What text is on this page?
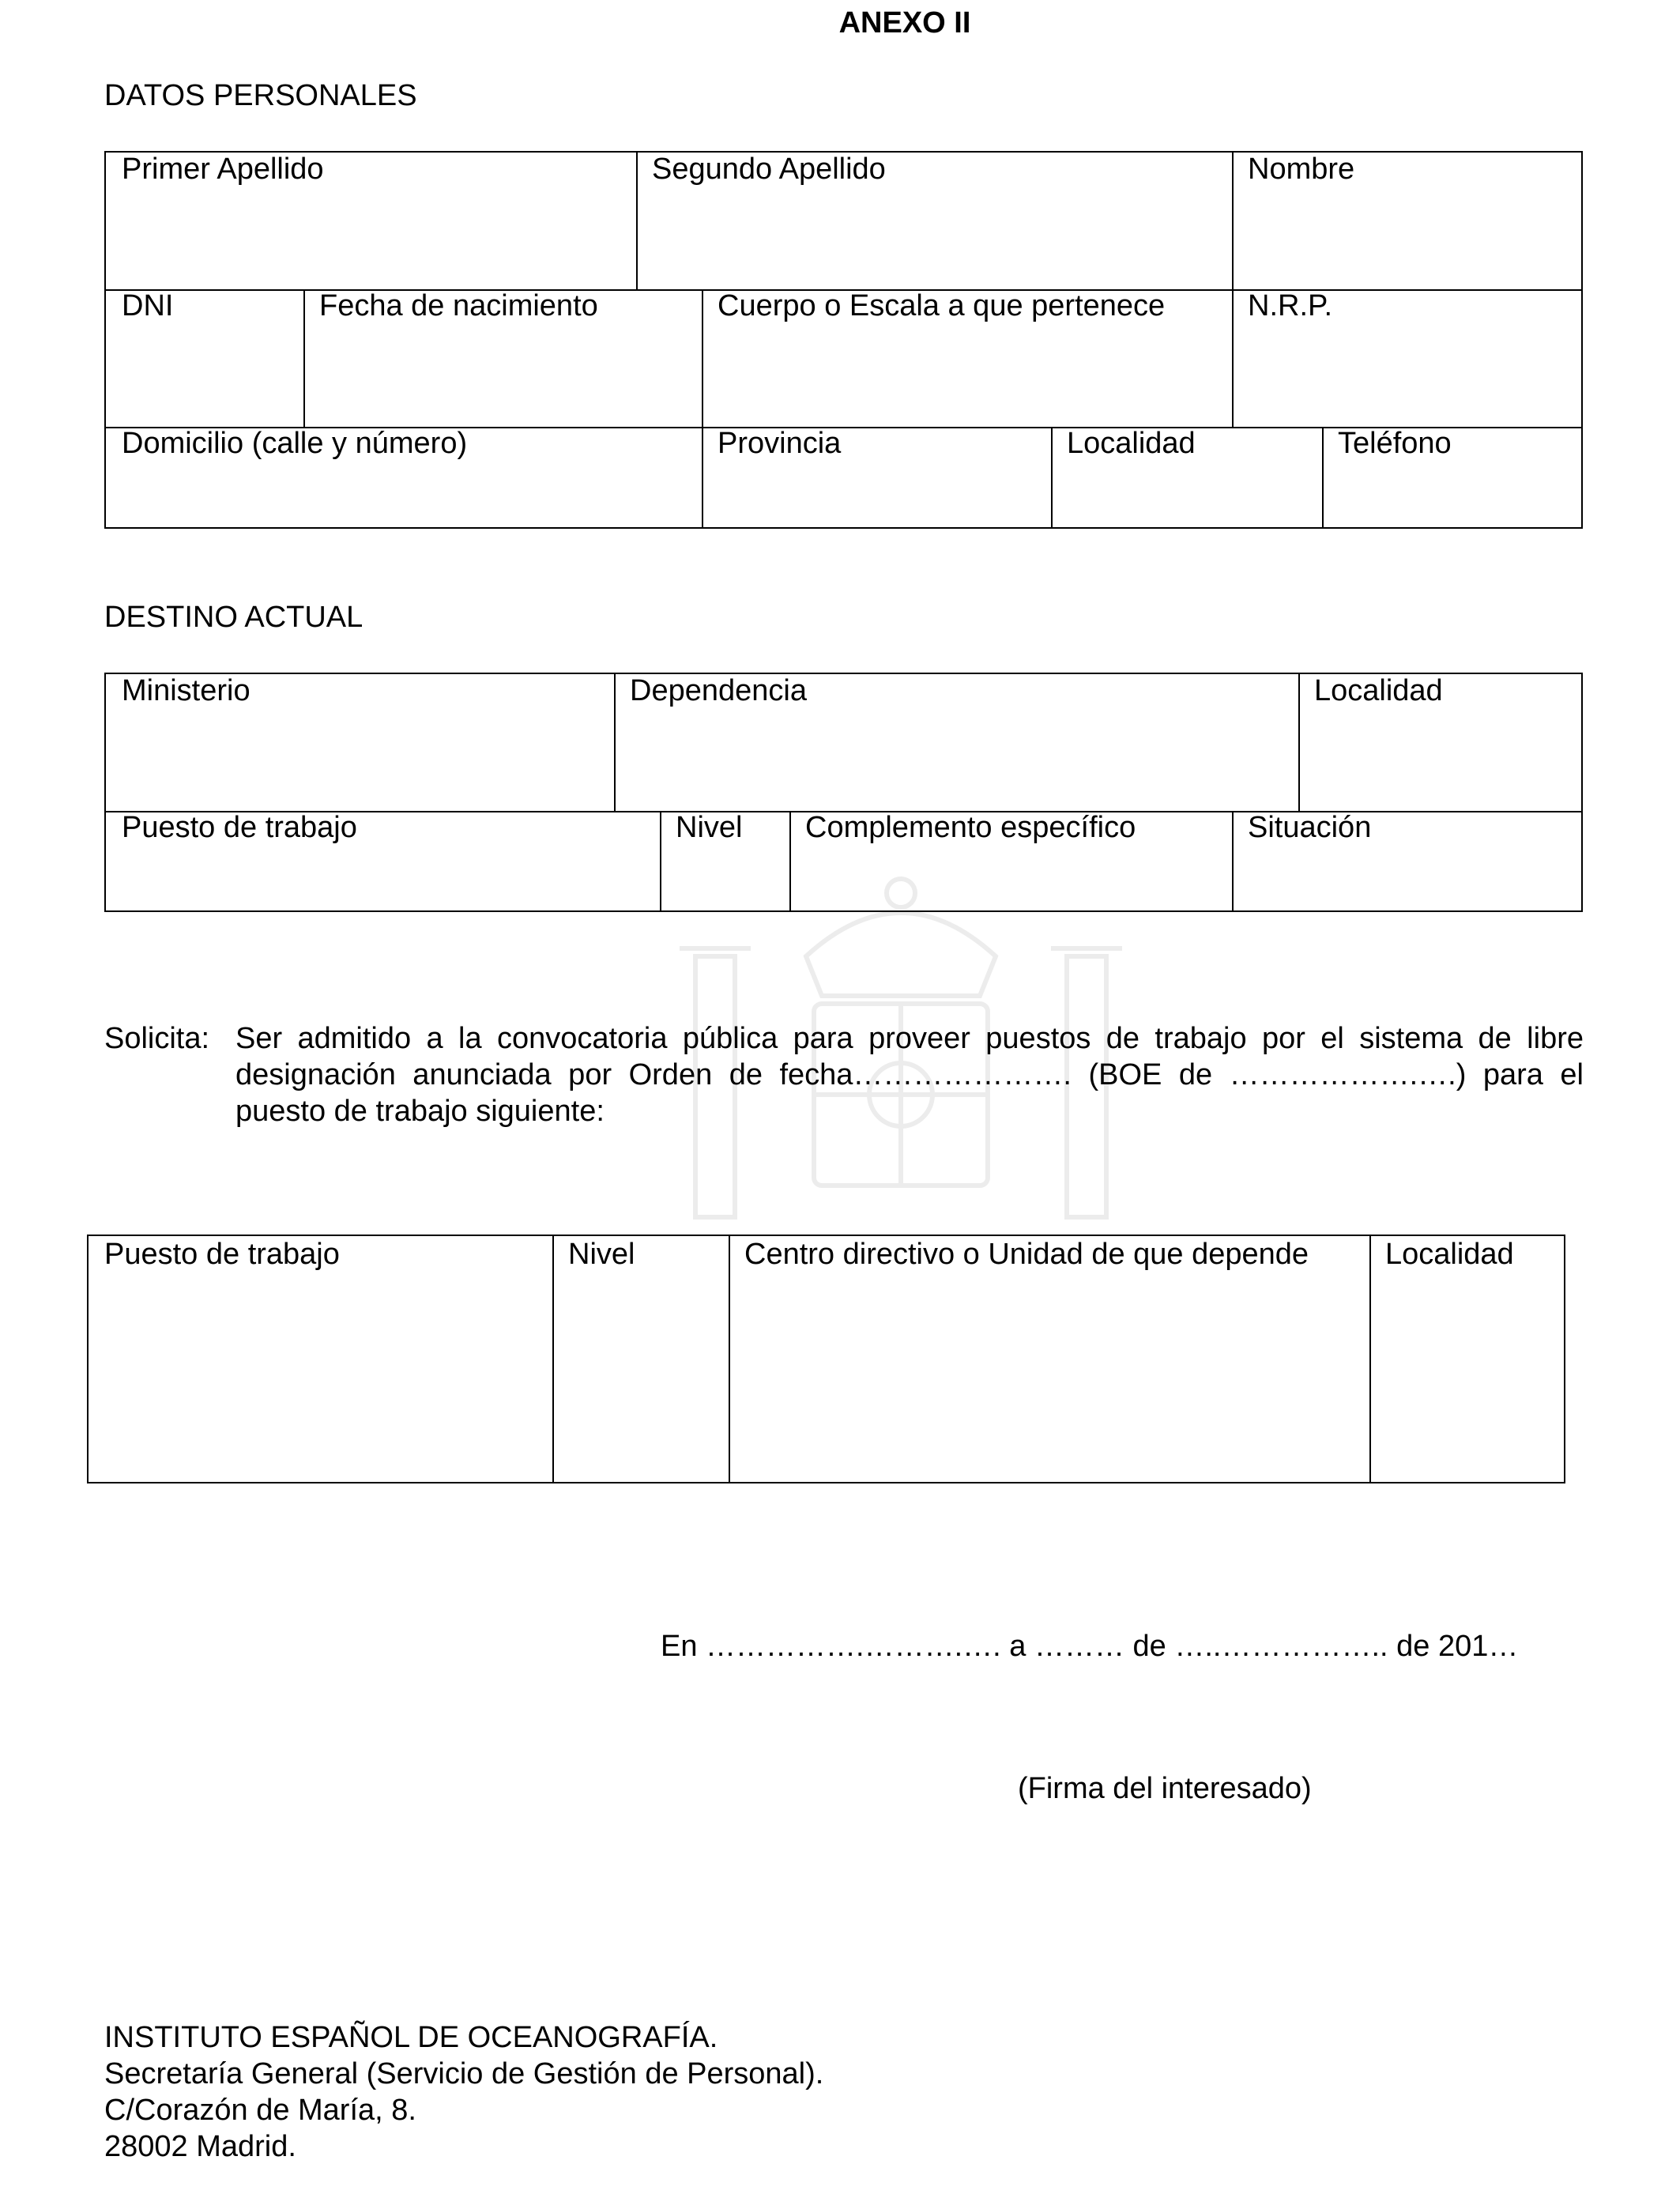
ANEXO II
DATOS PERSONALES
Primer Apellido	Segundo Apellido	Nombre
DNI	Fecha de nacimiento	Cuerpo o Escala a que pertenece	N.R.P.
Domicilio (calle y número)	Provincia	Localidad	Teléfono
DESTINO ACTUAL
Ministerio	Dependencia	Localidad
Puesto de trabajo	Nivel	Complemento específico	Situación
Solicita: Ser admitido a la convocatoria pública para proveer puestos de trabajo por el sistema de libre
designación anunciada por Orden de fecha…………………. (BOE de ……………….….) para el
puesto de trabajo siguiente:
Puesto de trabajo	Nivel	Centro directivo o Unidad de que depende	Localidad
En …………….……….…. a ……… de …..…………….. de 201…
(Firma del interesado)
INSTITUTO ESPAÑOL DE OCEANOGRAFÍA.
Secretaría General (Servicio de Gestión de Personal).
C/Corazón de María, 8.
28002 Madrid.
